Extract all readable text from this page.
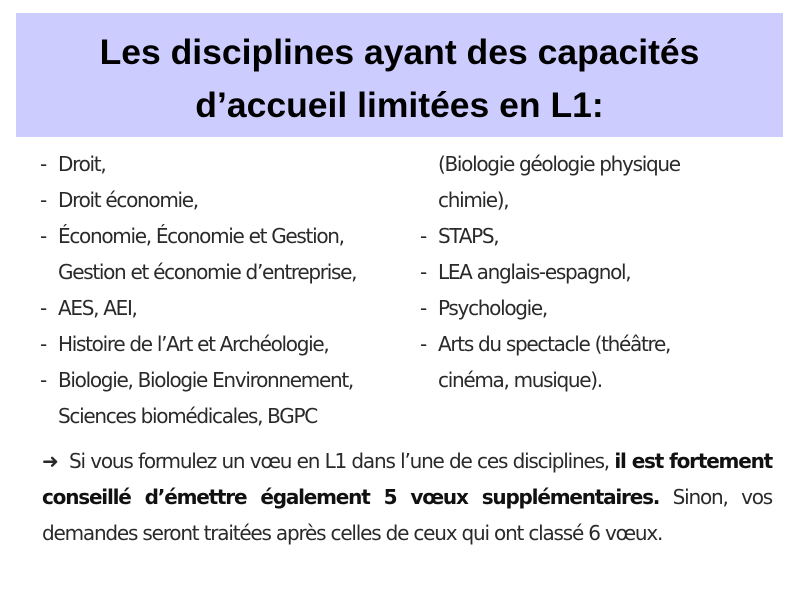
Les disciplines ayant des capacités
d’accueil limitées en L1:
- Droit,
- Droit économie,
- Économie, Économie et Gestion,
Gestion et économie d’entreprise,
- AES, AEI,
- Histoire de l’Art et Archéologie,
- Biologie, Biologie Environnement,
Sciences biomédicales, BGPC
(Biologie géologie physique
chimie),
- STAPS,
- LEA anglais-espagnol,
- Psychologie,
- Arts du spectacle (théâtre,
cinéma, musique).

➜ Si vous formulez un vœu en L1 dans l’une de ces disciplines, il est fortement conseillé d’émettre également 5 vœux supplémentaires. Sinon, vos demandes seront traitées après celles de ceux qui ont classé 6 vœux.
